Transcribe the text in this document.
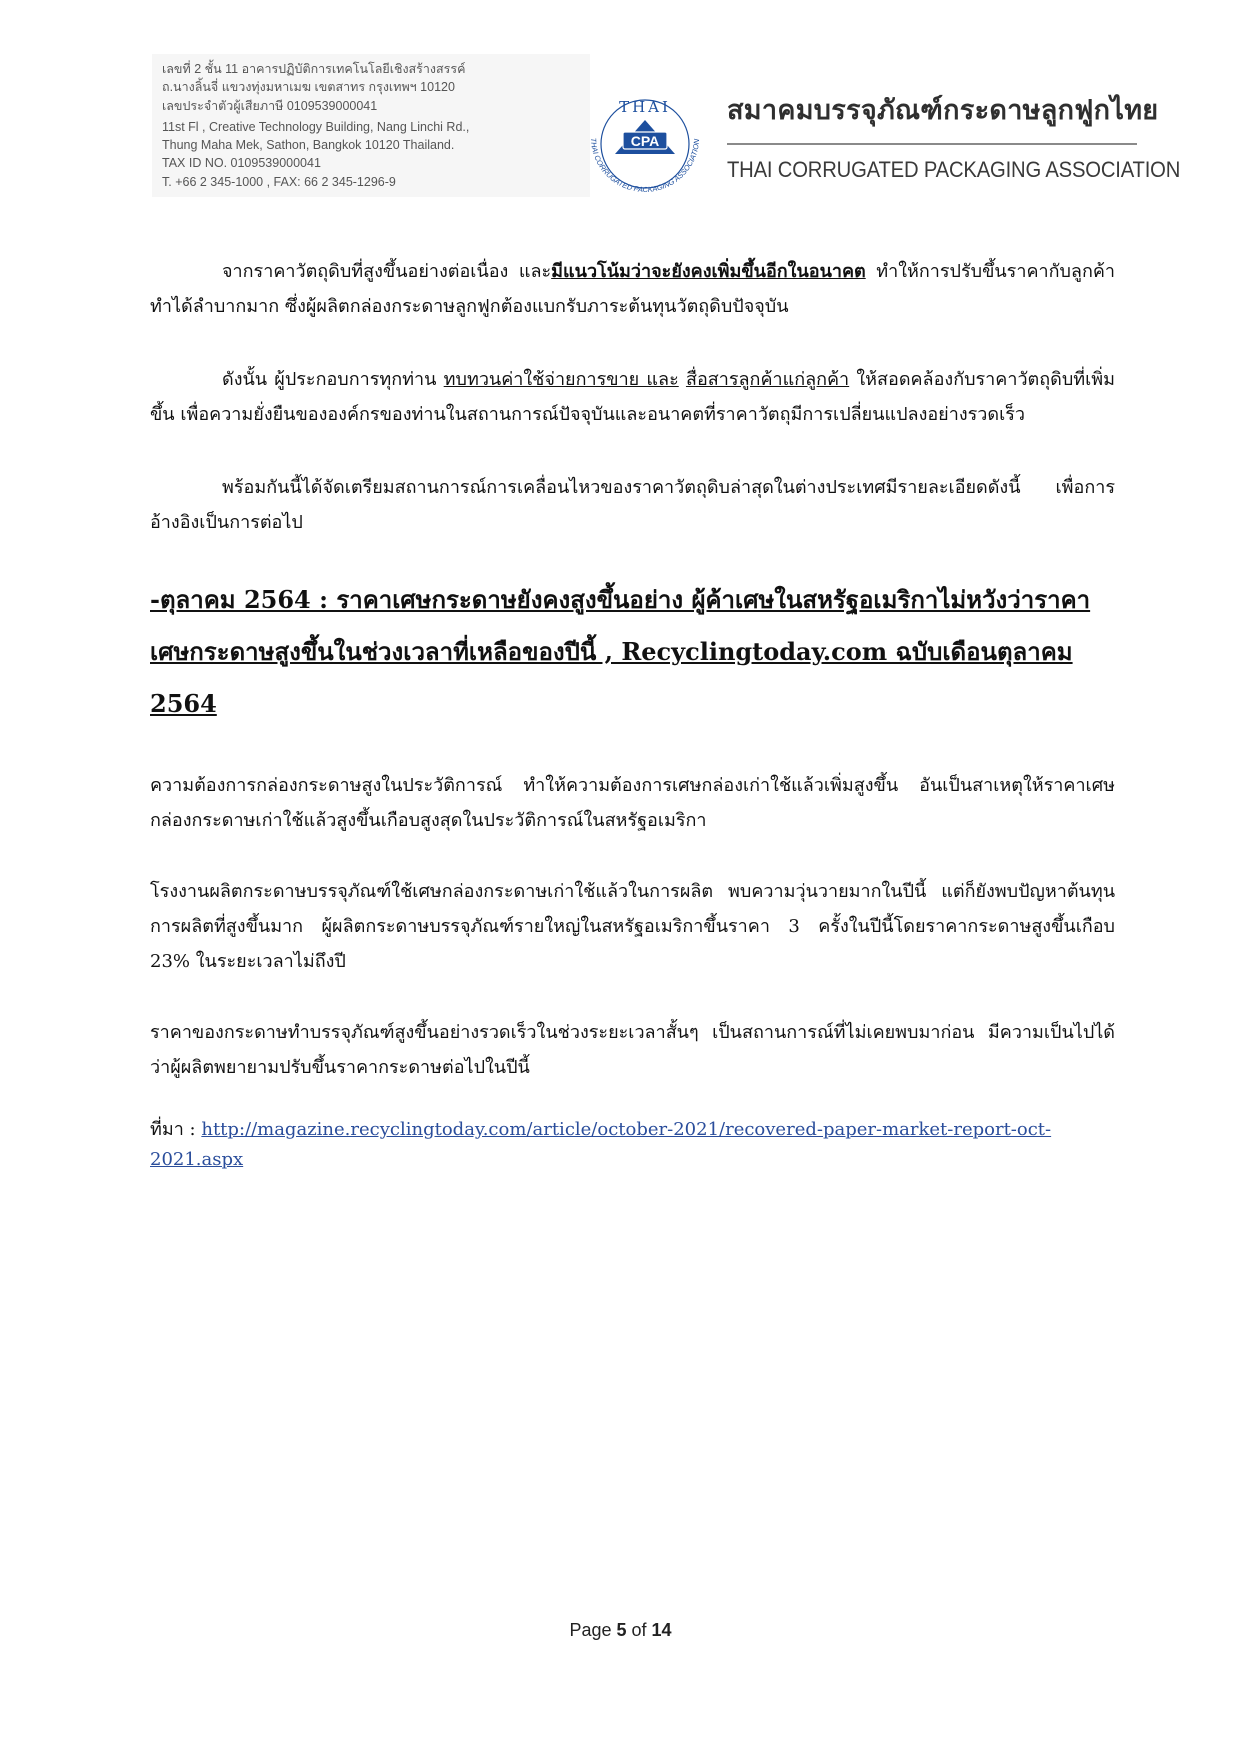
เลขที่ 2 ชั้น 11 อาคารปฏิบัติการเทคโนโลยีเชิงสร้างสรรค์
ถ.นางลิ้นจี่ แขวงทุ่งมหาเมฆ เขตสาทร กรุงเทพฯ 10120
เลขประจำตัวผู้เสียภาษี 0109539000041
11st Fl , Creative Technology Building, Nang Linchi Rd.,
Thung Maha Mek, Sathon, Bangkok 10120 Thailand.
TAX ID NO. 0109539000041
T. +66 2 345-1000 , FAX: 66 2 345-1296-9
THAI
CPA
THAI CORRUGATED PACKAGING ASSOCIATION
สมาคมบรรจุภัณฑ์กระดาษลูกฟูกไทย
THAI CORRUGATED PACKAGING ASSOCIATION

จากราคาวัตถุดิบที่สูงขึ้นอย่างต่อเนื่อง และมีแนวโน้มว่าจะยังคงเพิ่มขึ้นอีกในอนาคต ทำให้การปรับขึ้นราคากับลูกค้าทำได้ลำบากมาก ซึ่งผู้ผลิตกล่องกระดาษลูกฟูกต้องแบกรับภาระต้นทุนวัตถุดิบปัจจุบัน

ดังนั้น ผู้ประกอบการทุกท่าน ทบทวนค่าใช้จ่ายการขาย และ สื่อสารลูกค้าแก่ลูกค้า ให้สอดคล้องกับราคาวัตถุดิบที่เพิ่มขึ้น เพื่อความยั่งยืนขององค์กรของท่านในสถานการณ์ปัจจุบันและอนาคตที่ราคาวัตถุมีการเปลี่ยนแปลงอย่างรวดเร็ว

พร้อมกันนี้ได้จัดเตรียมสถานการณ์การเคลื่อนไหวของราคาวัตถุดิบล่าสุดในต่างประเทศมีรายละเอียดดังนี้ เพื่อการอ้างอิงเป็นการต่อไป

-ตุลาคม 2564 : ราคาเศษกระดาษยังคงสูงขึ้นอย่าง ผู้ค้าเศษในสหรัฐอเมริกาไม่หวังว่าราคาเศษกระดาษสูงขึ้นในช่วงเวลาที่เหลือของปีนี้ , Recyclingtoday.com ฉบับเดือนตุลาคม 2564

ความต้องการกล่องกระดาษสูงในประวัติการณ์ ทำให้ความต้องการเศษกล่องเก่าใช้แล้วเพิ่มสูงขึ้น อันเป็นสาเหตุให้ราคาเศษกล่องกระดาษเก่าใช้แล้วสูงขึ้นเกือบสูงสุดในประวัติการณ์ในสหรัฐอเมริกา

โรงงานผลิตกระดาษบรรจุภัณฑ์ใช้เศษกล่องกระดาษเก่าใช้แล้วในการผลิต พบความวุ่นวายมากในปีนี้ แต่ก็ยังพบปัญหาต้นทุนการผลิตที่สูงขึ้นมาก ผู้ผลิตกระดาษบรรจุภัณฑ์รายใหญ่ในสหรัฐอเมริกาขึ้นราคา 3 ครั้งในปีนี้โดยราคากระดาษสูงขึ้นเกือบ 23% ในระยะเวลาไม่ถึงปี

ราคาของกระดาษทำบรรจุภัณฑ์สูงขึ้นอย่างรวดเร็วในช่วงระยะเวลาสั้นๆ เป็นสถานการณ์ที่ไม่เคยพบมาก่อน มีความเป็นไปได้ว่าผู้ผลิตพยายามปรับขึ้นราคากระดาษต่อไปในปีนี้

ที่มา : http://magazine.recyclingtoday.com/article/october-2021/recovered-paper-market-report-oct-2021.aspx

Page 5 of 14
